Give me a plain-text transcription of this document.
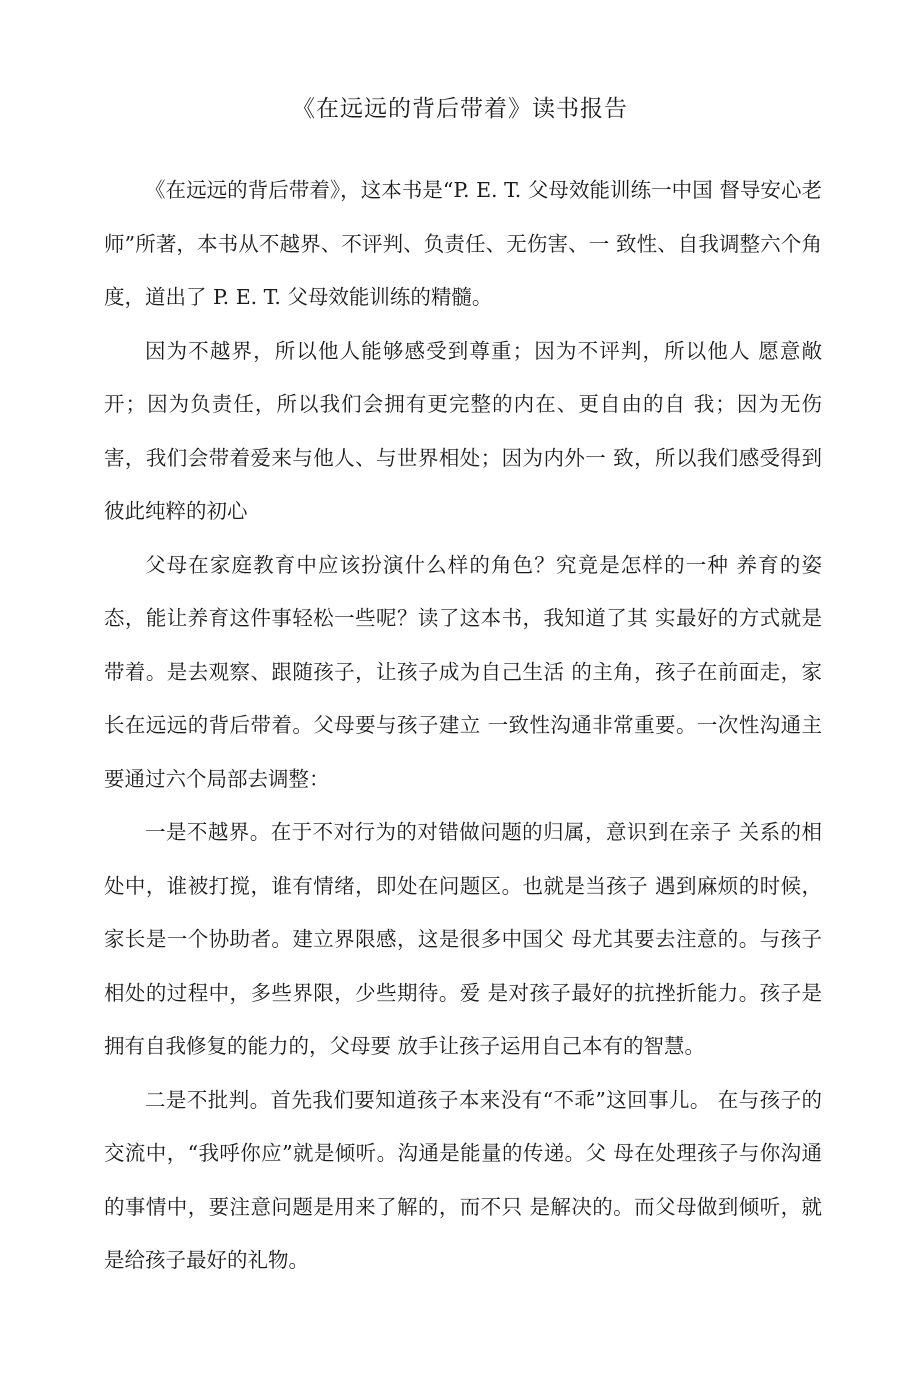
《在远远的背后带着》读书报告

《在远远的背后带着》，这本书是“P. E. T. 父母效能训练一中国 督导安心老师”所著，本书从不越界、不评判、负责任、无伤害、一 致性、自我调整六个角度，道出了 P. E. T. 父母效能训练的精髓。

因为不越界，所以他人能够感受到尊重；因为不评判，所以他人 愿意敞开；因为负责任，所以我们会拥有更完整的内在、更自由的自 我；因为无伤害，我们会带着爱来与他人、与世界相处；因为内外一 致，所以我们感受得到彼此纯粹的初心

父母在家庭教育中应该扮演什么样的角色？究竟是怎样的一种 养育的姿态，能让养育这件事轻松一些呢？读了这本书，我知道了其 实最好的方式就是带着。是去观察、跟随孩子，让孩子成为自己生活 的主角，孩子在前面走，家长在远远的背后带着。父母要与孩子建立 一致性沟通非常重要。一次性沟通主要通过六个局部去调整：

一是不越界。在于不对行为的对错做问题的归属，意识到在亲子 关系的相处中，谁被打搅，谁有情绪，即处在问题区。也就是当孩子 遇到麻烦的时候，家长是一个协助者。建立界限感，这是很多中国父 母尤其要去注意的。与孩子相处的过程中，多些界限，少些期待。爱 是对孩子最好的抗挫折能力。孩子是拥有自我修复的能力的，父母要 放手让孩子运用自己本有的智慧。

二是不批判。首先我们要知道孩子本来没有“不乖”这回事儿。 在与孩子的交流中，“我呼你应”就是倾听。沟通是能量的传递。父 母在处理孩子与你沟通的事情中，要注意问题是用来了解的，而不只 是解决的。而父母做到倾听，就是给孩子最好的礼物。
